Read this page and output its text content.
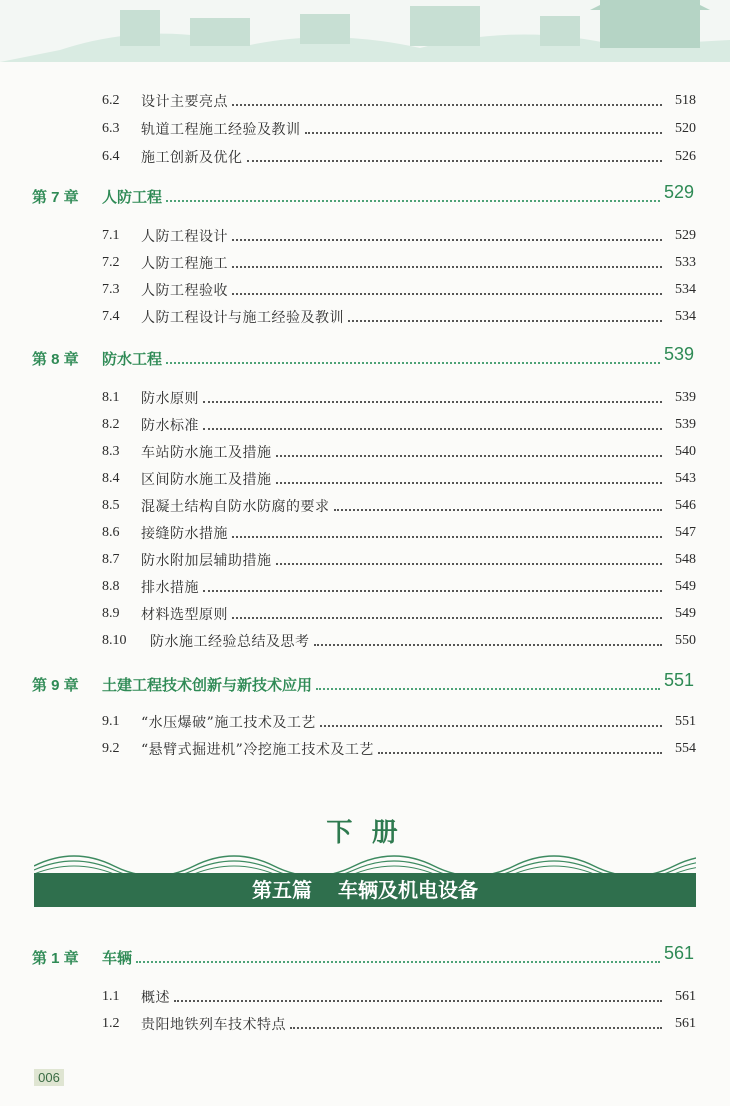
6.2 设计主要亮点	518
6.3 轨道工程施工经验及教训	520
6.4 施工创新及优化	526
第 7 章 人防工程	529
7.1 人防工程设计	529
7.2 人防工程施工	533
7.3 人防工程验收	534
7.4 人防工程设计与施工经验及教训	534
第 8 章 防水工程	539
8.1 防水原则	539
8.2 防水标准	539
8.3 车站防水施工及措施	540
8.4 区间防水施工及措施	543
8.5 混凝土结构自防水防腐的要求	546
8.6 接缝防水措施	547
8.7 防水附加层辅助措施	548
8.8 排水措施	549
8.9 材料选型原则	549
8.10 防水施工经验总结及思考	550
第 9 章 土建工程技术创新与新技术应用	551
9.1 “水压爆破”施工技术及工艺	551
9.2 “悬臂式掘进机”冷挖施工技术及工艺	554
第 1 章 车辆	561
1.1 概述	561
1.2 贵阳地铁列车技术特点	561
下 册
第五篇 车辆及机电设备
006
